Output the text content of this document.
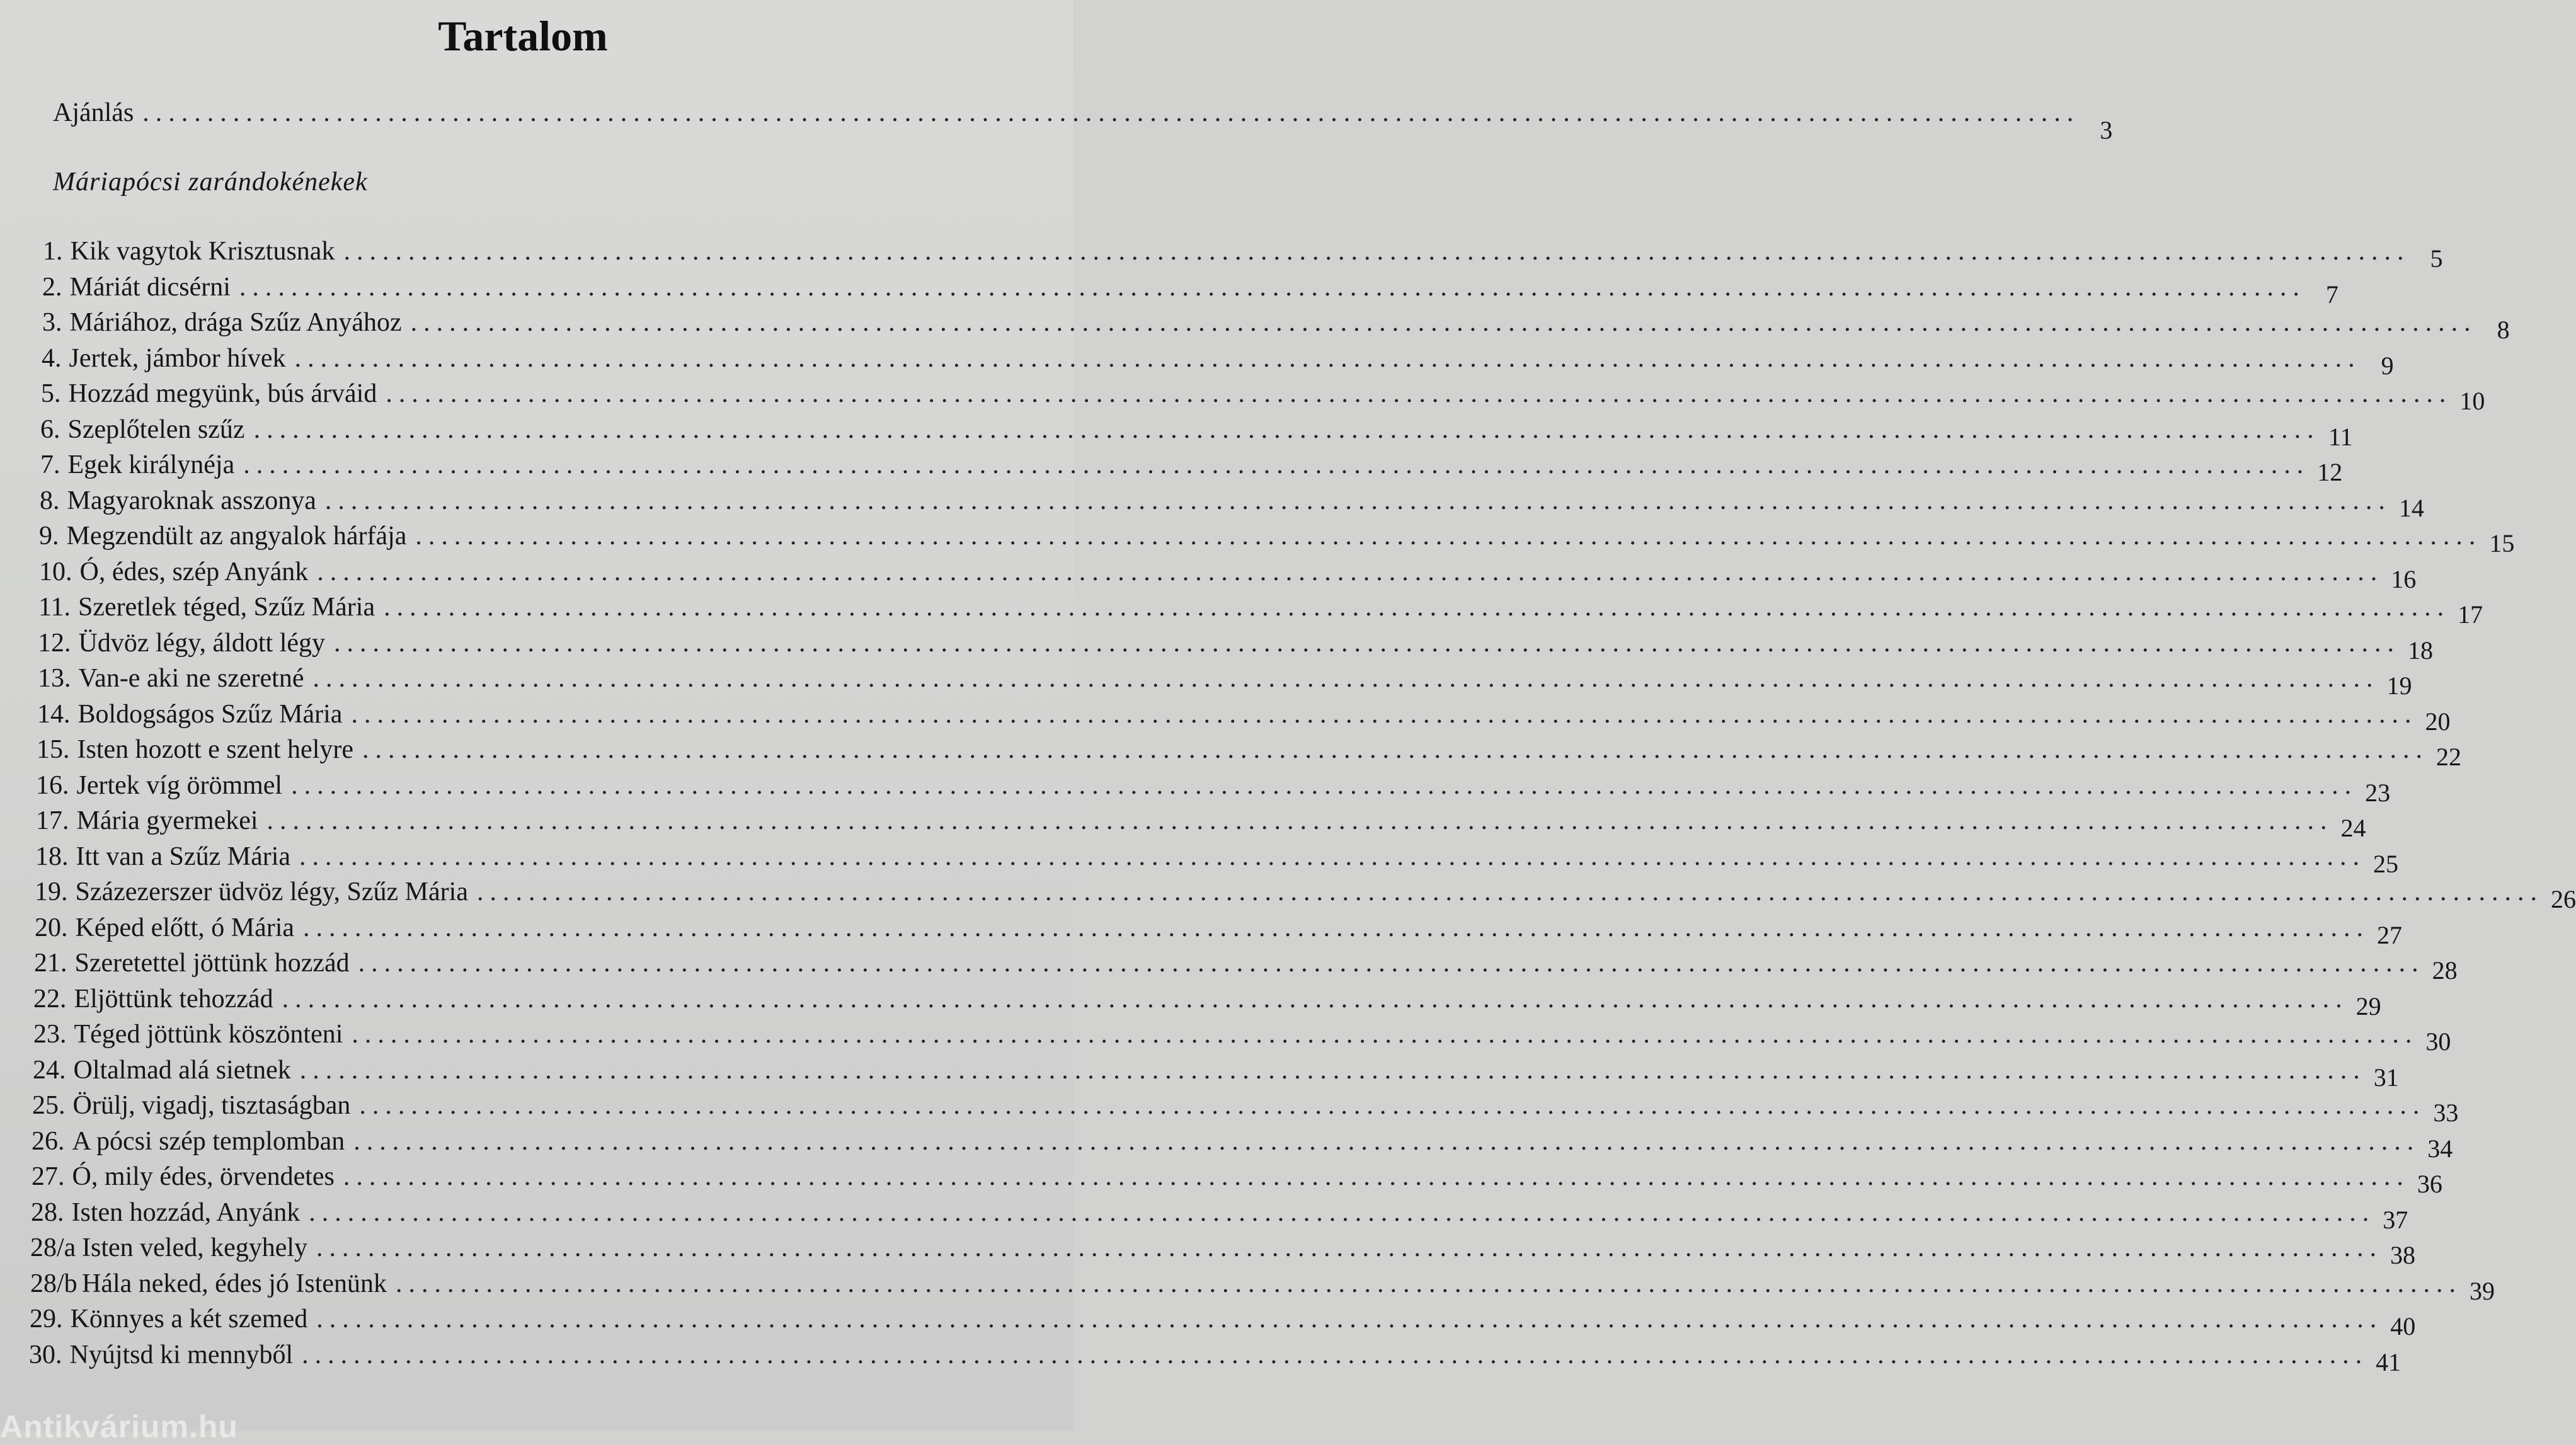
Tartalom
Ajánlás ......................................................................................................................................................
3
Máriapócsi zarándokénekek
1. Kik vagytok Krisztusnak ................................................................................................................................................................ 5
2. Máriát dicsérni ................................................................................................................................................................ 7
3. Máriához, drága Szűz Anyához ................................................................................................................................................................ 8
4. Jertek, jámbor hívek ................................................................................................................................................................ 9
5. Hozzád megyünk, bús árváid ................................................................................................................................................................ 10
6. Szeplőtelen szűz ................................................................................................................................................................ 11
7. Egek királynéja ................................................................................................................................................................ 12
8. Magyaroknak asszonya ................................................................................................................................................................ 14
9. Megzendült az angyalok hárfája ................................................................................................................................................................ 15
10. Ó, édes, szép Anyánk ................................................................................................................................................................ 16
11. Szeretlek téged, Szűz Mária ................................................................................................................................................................ 17
12. Üdvöz légy, áldott légy ................................................................................................................................................................ 18
13. Van-e aki ne szeretné ................................................................................................................................................................ 19
14. Boldogságos Szűz Mária ................................................................................................................................................................ 20
15. Isten hozott e szent helyre ................................................................................................................................................................ 22
16. Jertek víg örömmel ................................................................................................................................................................ 23
17. Mária gyermekei ................................................................................................................................................................ 24
18. Itt van a Szűz Mária ................................................................................................................................................................ 25
19. Százezerszer üdvöz légy, Szűz Mária ................................................................................................................................................................ 26
20. Képed előtt, ó Mária ................................................................................................................................................................ 27
21. Szeretettel jöttünk hozzád ................................................................................................................................................................ 28
22. Eljöttünk tehozzád ................................................................................................................................................................ 29
23. Téged jöttünk köszönteni ................................................................................................................................................................ 30
24. Oltalmad alá sietnek ................................................................................................................................................................ 31
25. Örülj, vigadj, tisztaságban ................................................................................................................................................................ 33
26. A pócsi szép templomban ................................................................................................................................................................ 34
27. Ó, mily édes, örvendetes ................................................................................................................................................................ 36
28. Isten hozzád, Anyánk ................................................................................................................................................................ 37
28/a Isten veled, kegyhely ................................................................................................................................................................ 38
28/b Hála neked, édes jó Istenünk ................................................................................................................................................................ 39
29. Könnyes a két szemed ................................................................................................................................................................ 40
30. Nyújtsd ki mennyből ................................................................................................................................................................ 41
Antikvárium.hu
